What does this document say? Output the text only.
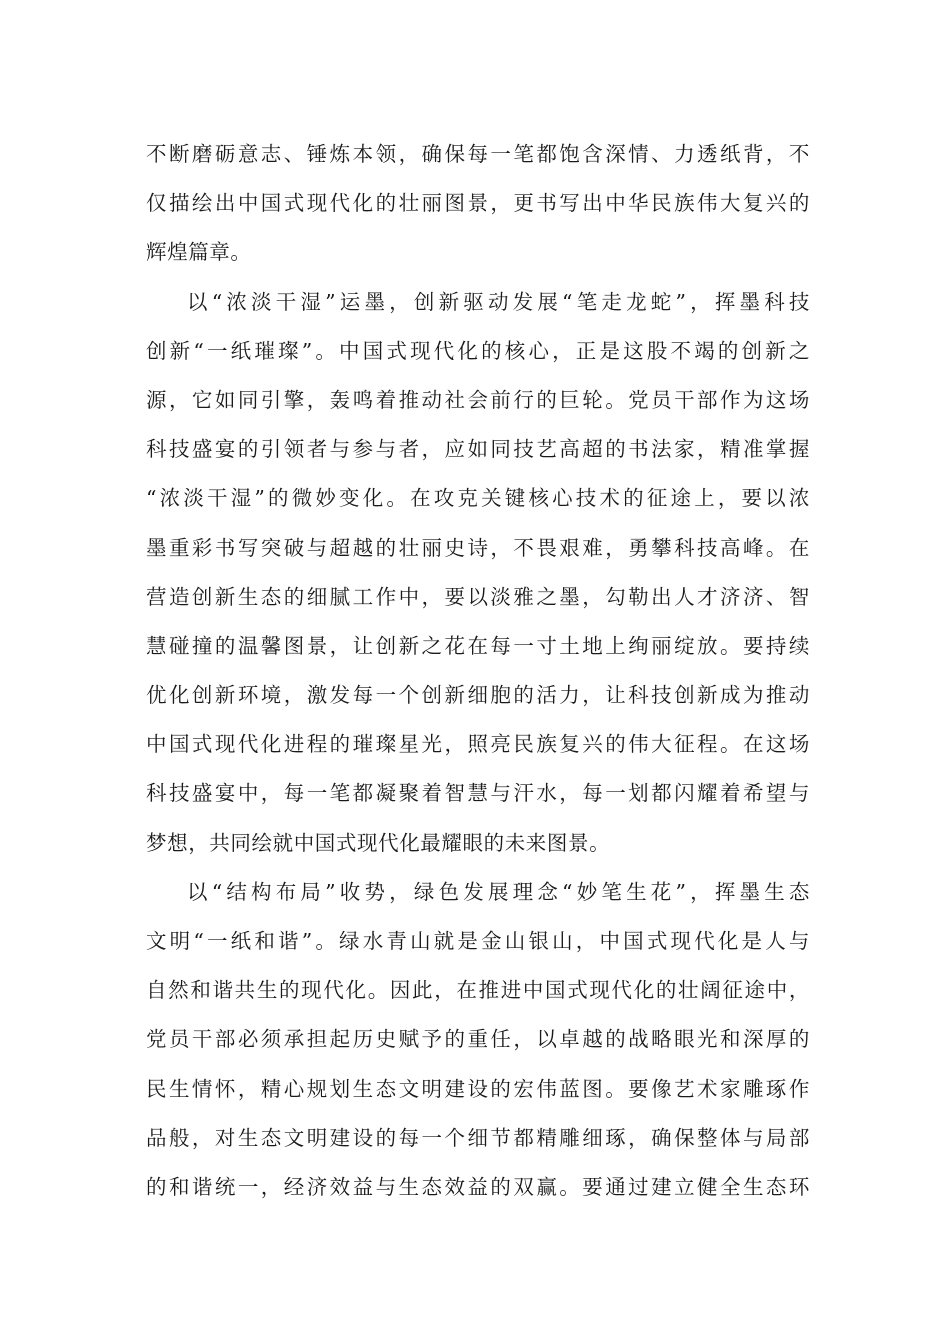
不断磨砺意志、锤炼本领，确保每一笔都饱含深情、力透纸背，不
仅描绘出中国式现代化的壮丽图景，更书写出中华民族伟大复兴的
辉煌篇章。
以“浓淡干湿”运墨，创新驱动发展“笔走龙蛇”，挥墨科技
创新“一纸璀璨”。中国式现代化的核心，正是这股不竭的创新之
源，它如同引擎，轰鸣着推动社会前行的巨轮。党员干部作为这场
科技盛宴的引领者与参与者，应如同技艺高超的书法家，精准掌握
“浓淡干湿”的微妙变化。在攻克关键核心技术的征途上，要以浓
墨重彩书写突破与超越的壮丽史诗，不畏艰难，勇攀科技高峰。在
营造创新生态的细腻工作中，要以淡雅之墨，勾勒出人才济济、智
慧碰撞的温馨图景，让创新之花在每一寸土地上绚丽绽放。要持续
优化创新环境，激发每一个创新细胞的活力，让科技创新成为推动
中国式现代化进程的璀璨星光，照亮民族复兴的伟大征程。在这场
科技盛宴中，每一笔都凝聚着智慧与汗水，每一划都闪耀着希望与
梦想，共同绘就中国式现代化最耀眼的未来图景。
以“结构布局”收势，绿色发展理念“妙笔生花”，挥墨生态
文明“一纸和谐”。绿水青山就是金山银山，中国式现代化是人与
自然和谐共生的现代化。因此，在推进中国式现代化的壮阔征途中，
党员干部必须承担起历史赋予的重任，以卓越的战略眼光和深厚的
民生情怀，精心规划生态文明建设的宏伟蓝图。要像艺术家雕琢作
品般，对生态文明建设的每一个细节都精雕细琢，确保整体与局部
的和谐统一，经济效益与生态效益的双赢。要通过建立健全生态环
